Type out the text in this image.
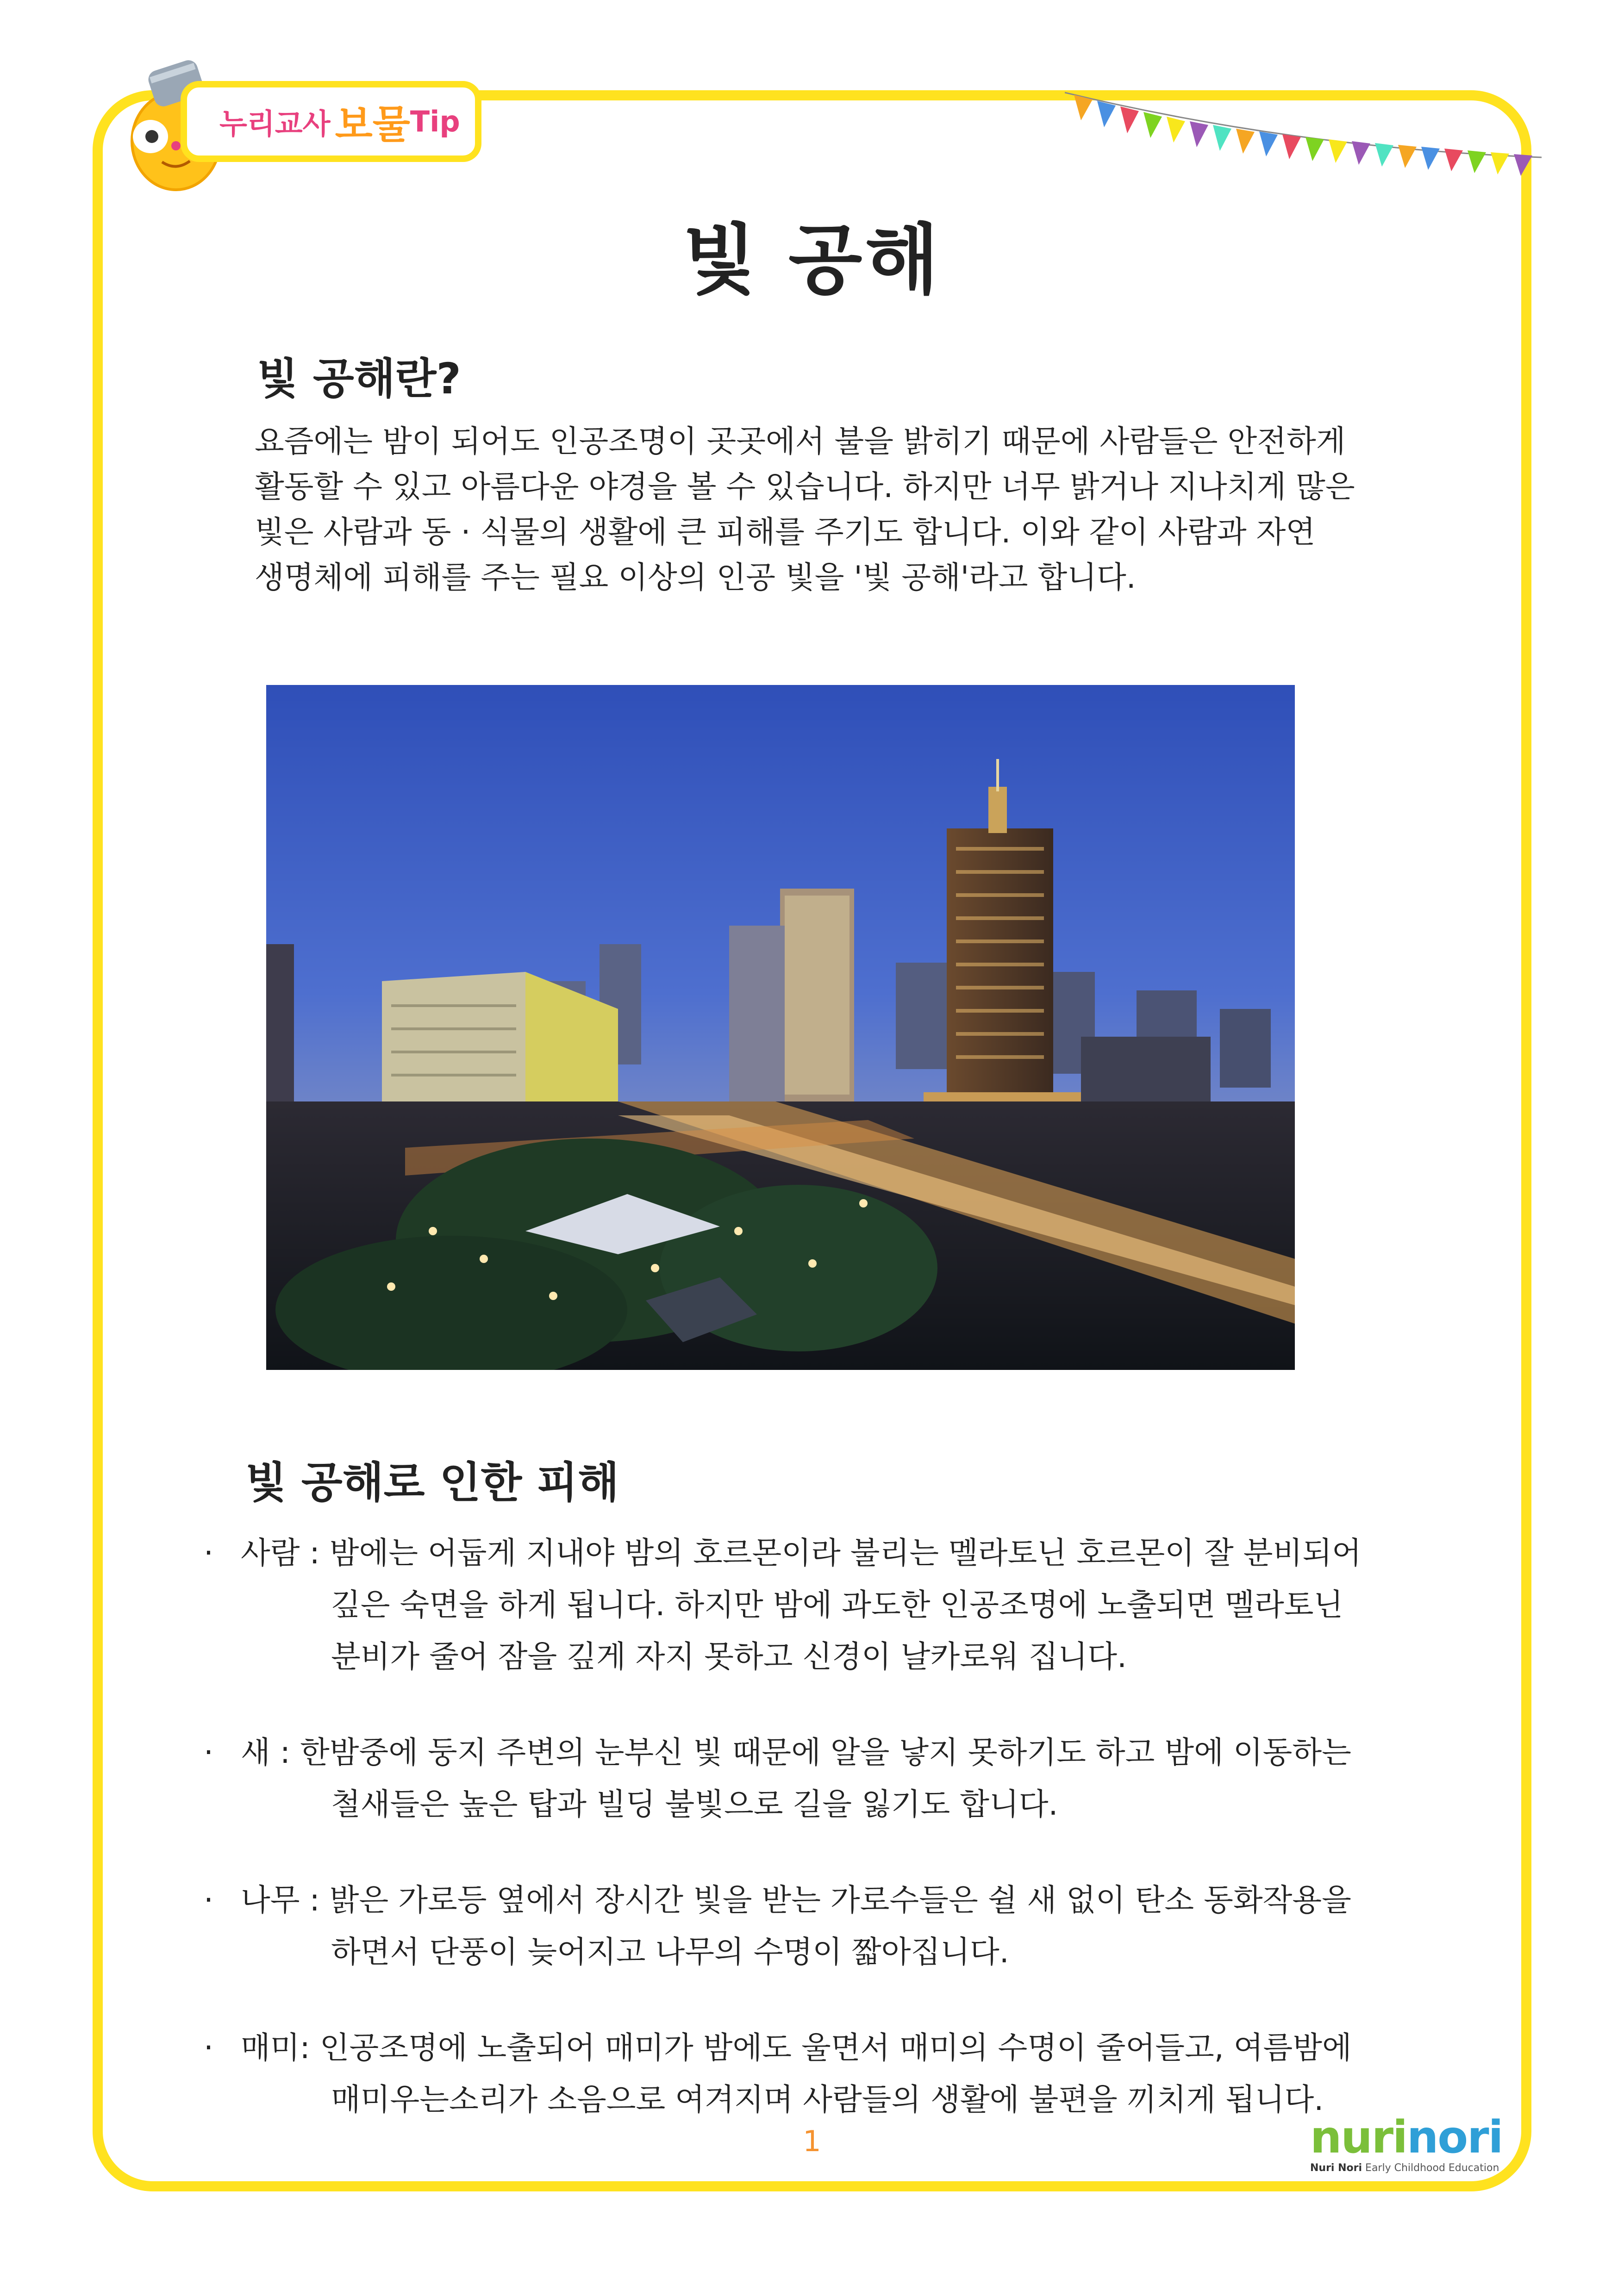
누리교사 보물 Tip
빛 공해
빛 공해란?
요즘에는 밤이 되어도 인공조명이 곳곳에서 불을 밝히기 때문에 사람들은 안전하게
활동할 수 있고 아름다운 야경을 볼 수 있습니다. 하지만 너무 밝거나 지나치게 많은
빛은 사람과 동 · 식물의 생활에 큰 피해를 주기도 합니다. 이와 같이 사람과 자연
생명체에 피해를 주는 필요 이상의 인공 빛을 '빛 공해'라고 합니다.
빛 공해로 인한 피해
· 사람 : 밤에는 어둡게 지내야 밤의 호르몬이라 불리는 멜라토닌 호르몬이 잘 분비되어
깊은 숙면을 하게 됩니다. 하지만 밤에 과도한 인공조명에 노출되면 멜라토닌
분비가 줄어 잠을 깊게 자지 못하고 신경이 날카로워 집니다.
· 새 : 한밤중에 둥지 주변의 눈부신 빛 때문에 알을 낳지 못하기도 하고 밤에 이동하는
철새들은 높은 탑과 빌딩 불빛으로 길을 잃기도 합니다.
· 나무 : 밝은 가로등 옆에서 장시간 빛을 받는 가로수들은 쉴 새 없이 탄소 동화작용을
하면서 단풍이 늦어지고 나무의 수명이 짧아집니다.
· 매미: 인공조명에 노출되어 매미가 밤에도 울면서 매미의 수명이 줄어들고, 여름밤에
매미우는소리가 소음으로 여겨지며 사람들의 생활에 불편을 끼치게 됩니다.
1	nurinori
Nuri Nori Early Childhood Education
